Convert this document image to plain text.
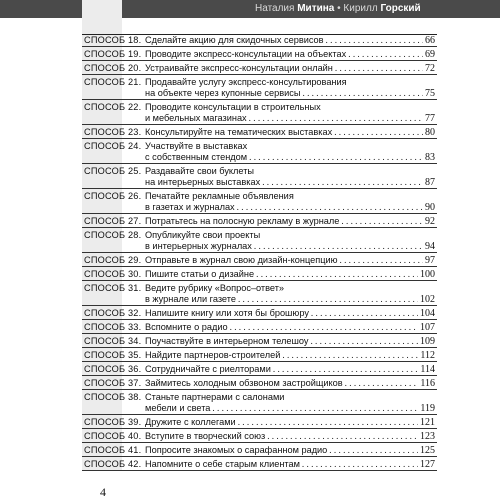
Наталия Митина • Кирилл Горский
СПОСОБ 18. Сделайте акцию для скидочных сервисов . . .	66
СПОСОБ 19. Проводите экспресс-консультации на объектах . . .	69
СПОСОБ 20. Устраивайте экспресс-консультации онлайн . . .	72
СПОСОБ 21. Продавайте услугу экспресс-консультирования
на объекте через купонные сервисы . . .	75
СПОСОБ 22. Проводите консультации в строительных
и мебельных магазинах . . .	77
СПОСОБ 23. Консультируйте на тематических выставках . . .	80
СПОСОБ 24. Участвуйте в выставках
с собственным стендом . . .	83
СПОСОБ 25. Раздавайте свои буклеты
на интерьерных выставках . . .	87
СПОСОБ 26. Печатайте рекламные объявления
в газетах и журналах . . .	90
СПОСОБ 27. Потратьтесь на полосную рекламу в журнале . . .	92
СПОСОБ 28. Опубликуйте свои проекты
в интерьерных журналах . . .	94
СПОСОБ 29. Отправьте в журнал свою дизайн-концепцию . . .	97
СПОСОБ 30. Пишите статьи о дизайне . . .	100
СПОСОБ 31. Ведите рубрику «Вопрос–ответ»
в журнале или газете . . .	102
СПОСОБ 32. Напишите книгу или хотя бы брошюру . . .	104
СПОСОБ 33. Вспомните о радио . . .	107
СПОСОБ 34. Поучаствуйте в интерьерном телешоу . . .	109
СПОСОБ 35. Найдите партнеров-строителей . . .	112
СПОСОБ 36. Сотрудничайте с риелторами . . .	114
СПОСОБ 37. Займитесь холодным обзвоном застройщиков . . .	116
СПОСОБ 38. Станьте партнерами с салонами
мебели и света . . .	119
СПОСОБ 39. Дружите с коллегами . . .	121
СПОСОБ 40. Вступите в творческий союз . . .	123
СПОСОБ 41. Попросите знакомых о сарафанном радио . . .	125
СПОСОБ 42. Напомните о себе старым клиентам . . .	127
4
